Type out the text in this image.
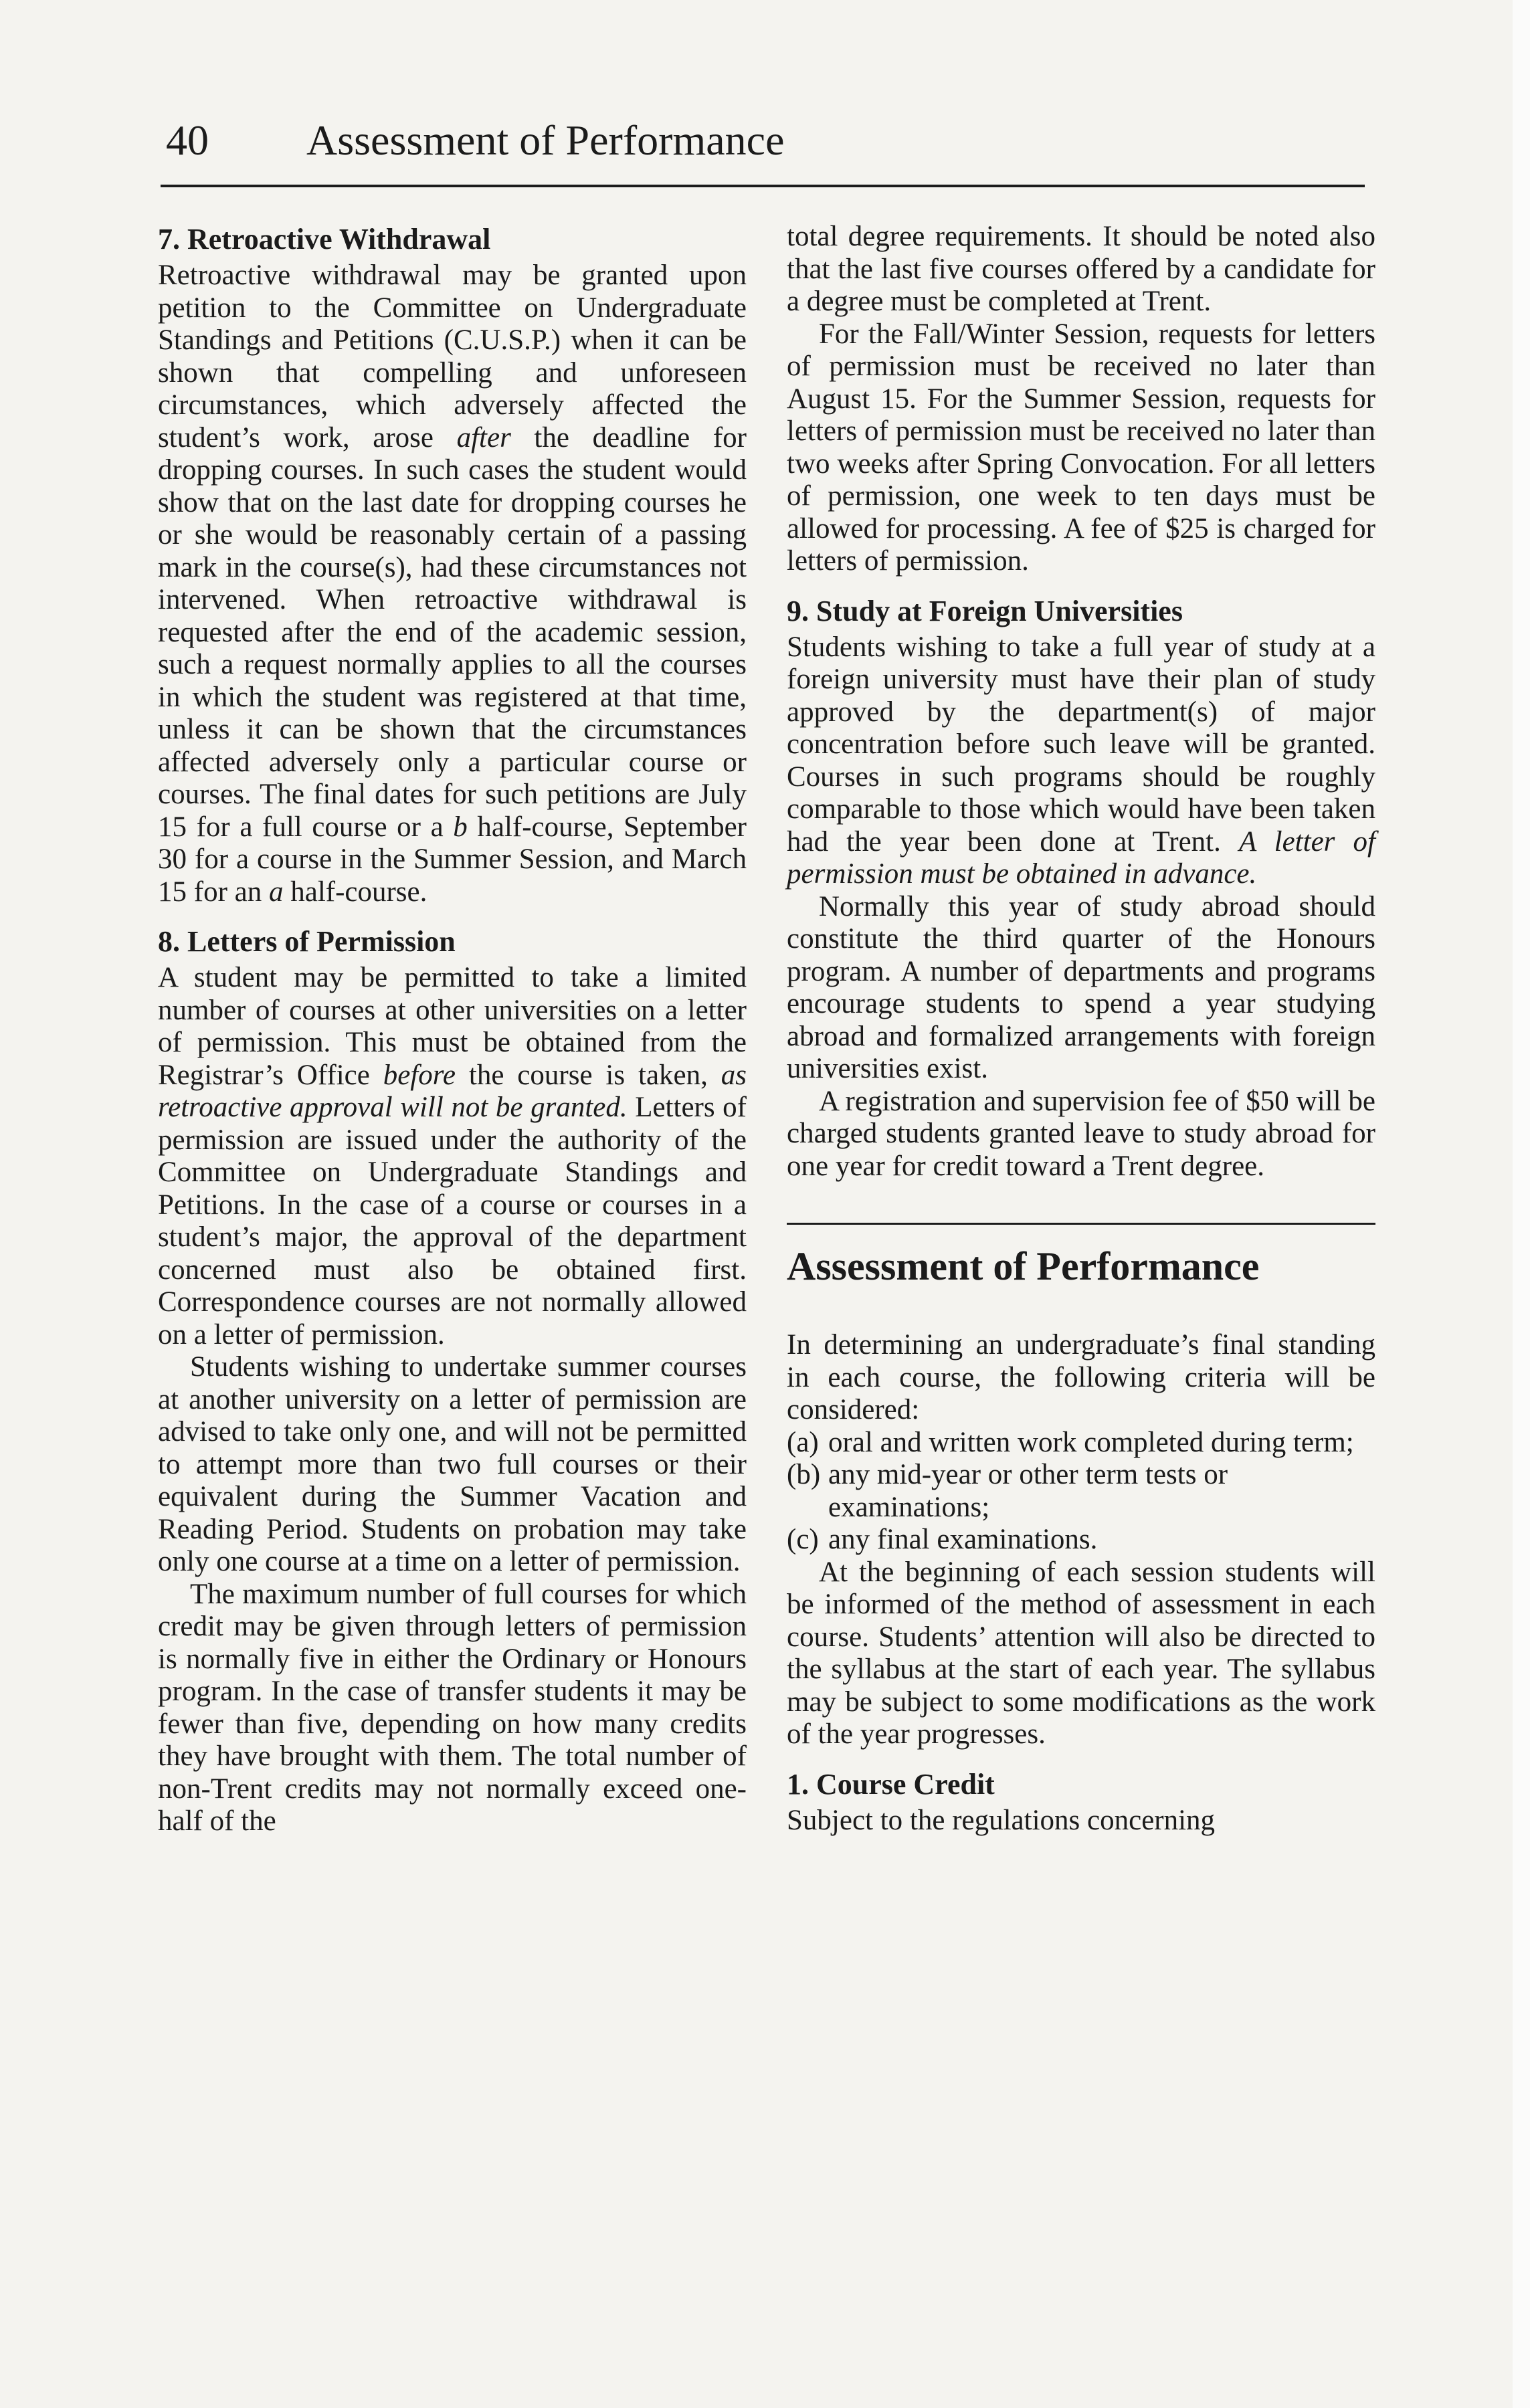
40 Assessment of Performance
7. Retroactive Withdrawal

Retroactive withdrawal may be granted upon petition to the Committee on Undergraduate Standings and Petitions (C.U.S.P.) when it can be shown that compelling and unforeseen circumstances, which adversely affected the student’s work, arose after the deadline for dropping courses. In such cases the student would show that on the last date for dropping courses he or she would be reasonably certain of a passing mark in the course(s), had these circumstances not intervened. When retroactive withdrawal is requested after the end of the academic session, such a request normally applies to all the courses in which the student was registered at that time, unless it can be shown that the circumstances affected adversely only a particular course or courses. The final dates for such petitions are July 15 for a full course or a b half-course, September 30 for a course in the Summer Session, and March 15 for an a half-course.

8. Letters of Permission

A student may be permitted to take a limited number of courses at other universities on a letter of permission. This must be obtained from the Registrar’s Office before the course is taken, as retroactive approval will not be granted. Letters of permission are issued under the authority of the Committee on Undergraduate Standings and Petitions. In the case of a course or courses in a student’s major, the approval of the department concerned must also be obtained first. Correspondence courses are not normally allowed on a letter of permission.

Students wishing to undertake summer courses at another university on a letter of permission are advised to take only one, and will not be permitted to attempt more than two full courses or their equivalent during the Summer Vacation and Reading Period. Students on probation may take only one course at a time on a letter of permission.

The maximum number of full courses for which credit may be given through letters of permission is normally five in either the Ordinary or Honours program. In the case of transfer students it may be fewer than five, depending on how many credits they have brought with them. The total number of non-Trent credits may not normally exceed one-half of the

total degree requirements. It should be noted also that the last five courses offered by a candidate for a degree must be completed at Trent.

For the Fall/Winter Session, requests for letters of permission must be received no later than August 15. For the Summer Session, requests for letters of permission must be received no later than two weeks after Spring Convocation. For all letters of permission, one week to ten days must be allowed for processing. A fee of $25 is charged for letters of permission.

9. Study at Foreign Universities

Students wishing to take a full year of study at a foreign university must have their plan of study approved by the department(s) of major concentration before such leave will be granted. Courses in such programs should be roughly comparable to those which would have been taken had the year been done at Trent. A letter of permission must be obtained in advance.

Normally this year of study abroad should constitute the third quarter of the Honours program. A number of departments and programs encourage students to spend a year studying abroad and formalized arrangements with foreign universities exist.

A registration and supervision fee of $50 will be charged students granted leave to study abroad for one year for credit toward a Trent degree.

Assessment of Performance

In determining an undergraduate’s final standing in each course, the following criteria will be considered:

(a) oral and written work completed during term;
(b) any mid-year or other term tests or examinations;
(c) any final examinations.

At the beginning of each session students will be informed of the method of assessment in each course. Students’ attention will also be directed to the syllabus at the start of each year. The syllabus may be subject to some modifications as the work of the year progresses.

1. Course Credit

Subject to the regulations concerning
